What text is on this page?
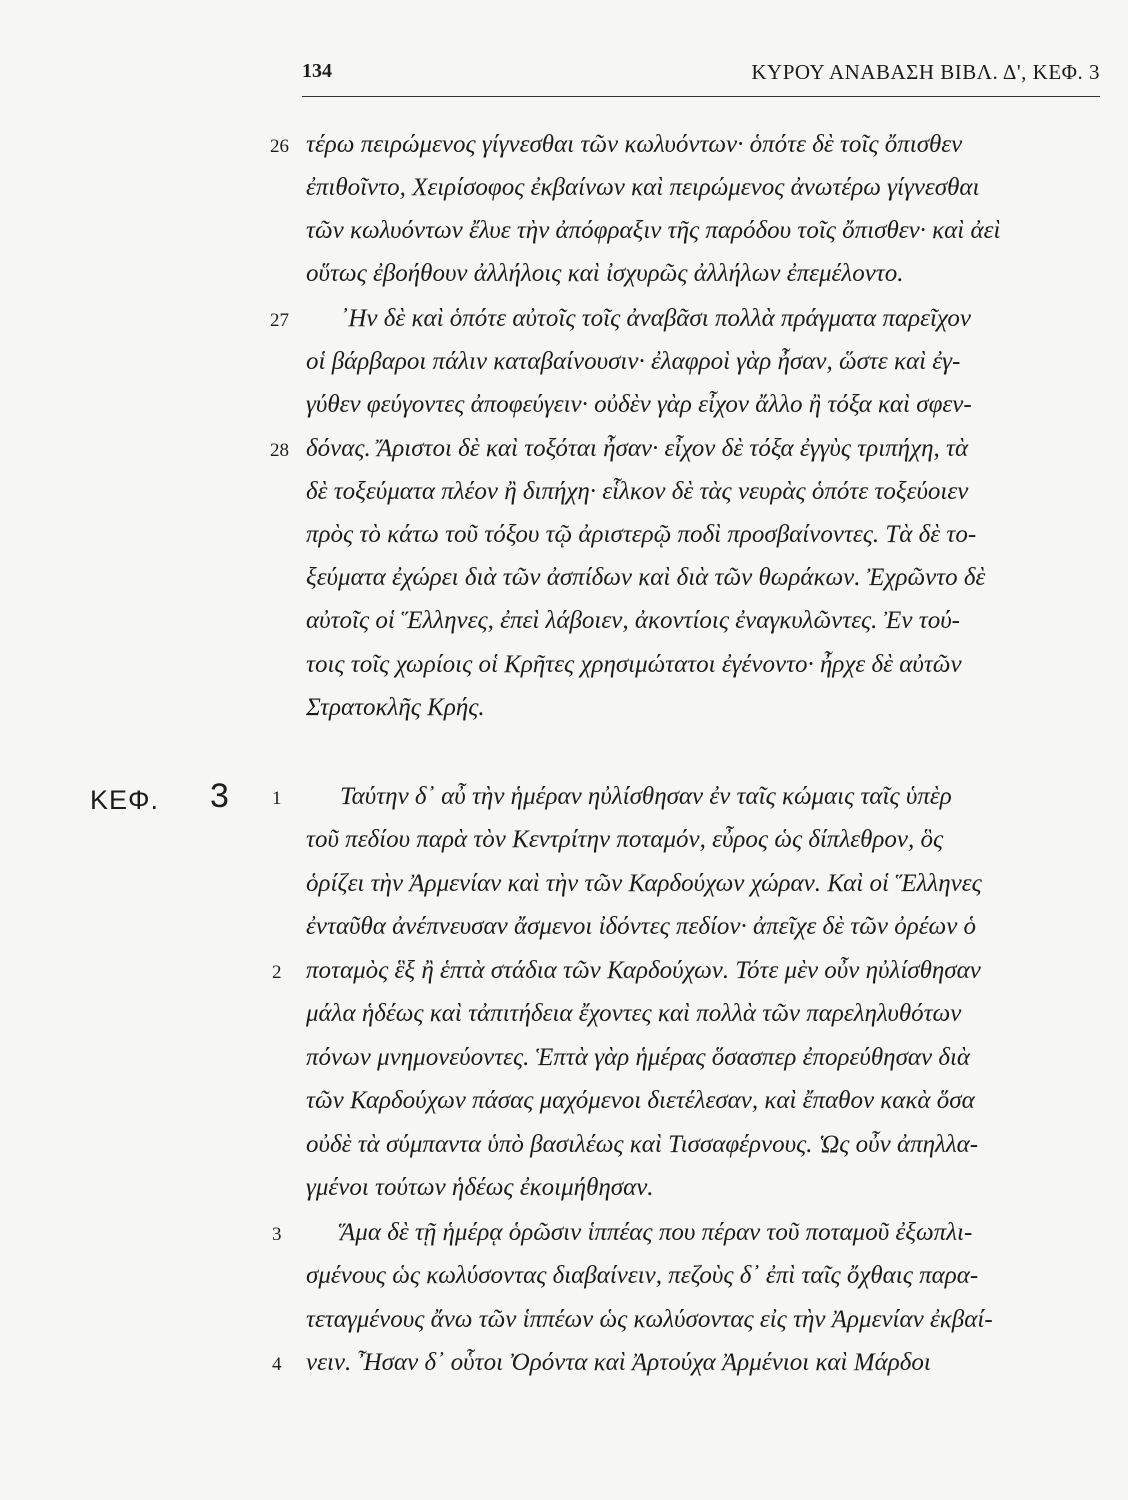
134	ΚΥΡΟΥ ΑΝΑΒΑΣΗ ΒΙΒΛ. Δ', ΚΕΦ. 3
26
27
28
1
2
3
4
ΚΕΦ. 3
τέρω πειρώμενος γίγνεσθαι τῶν κωλυόντων· ὁπότε δὲ τοῖς ὄπισθεν
ἐπιθοῖντο, Χειρίσοφος ἐκβαίνων καὶ πειρώμενος ἀνωτέρω γίγνεσθαι
τῶν κωλυόντων ἔλυε τὴν ἀπόφραξιν τῆς παρόδου τοῖς ὄπισθεν· καὶ ἀεὶ
οὕτως ἐβοήθουν ἀλλήλοις καὶ ἰσχυρῶς ἀλλήλων ἐπεμέλοντο.
᾿Ην δὲ καὶ ὁπότε αὐτοῖς τοῖς ἀναβᾶσι πολλὰ πράγματα παρεῖχον
οἱ βάρβαροι πάλιν καταβαίνουσιν· ἐλαφροὶ γὰρ ἦσαν, ὥστε καὶ ἐγ-
γύθεν φεύγοντες ἀποφεύγειν· οὐδὲν γὰρ εἶχον ἄλλο ἢ τόξα καὶ σφεν-
δόνας. Ἄριστοι δὲ καὶ τοξόται ἦσαν· εἶχον δὲ τόξα ἐγγὺς τριπήχη, τὰ
δὲ τοξεύματα πλέον ἢ διπήχη· εἷλκον δὲ τὰς νευρὰς ὁπότε τοξεύοιεν
πρὸς τὸ κάτω τοῦ τόξου τῷ ἀριστερῷ ποδὶ προσβαίνοντες. Τὰ δὲ το-
ξεύματα ἐχώρει διὰ τῶν ἀσπίδων καὶ διὰ τῶν θωράκων. Ἐχρῶντο δὲ
αὐτοῖς οἱ Ἕλληνες, ἐπεὶ λάβοιεν, ἀκοντίοις ἐναγκυλῶντες. Ἐν τού-
τοις τοῖς χωρίοις οἱ Κρῆτες χρησιμώτατοι ἐγένοντο· ἦρχε δὲ αὐτῶν
Στρατοκλῆς Κρής.
Ταύτην δ᾿ αὖ τὴν ἡμέραν ηὐλίσθησαν ἐν ταῖς κώμαις ταῖς ὑπὲρ
τοῦ πεδίου παρὰ τὸν Κεντρίτην ποταμόν, εὖρος ὡς δίπλεθρον, ὃς
ὁρίζει τὴν Ἀρμενίαν καὶ τὴν τῶν Καρδούχων χώραν. Καὶ οἱ Ἕλληνες
ἐνταῦθα ἀνέπνευσαν ἄσμενοι ἰδόντες πεδίον· ἀπεῖχε δὲ τῶν ὀρέων ὁ
ποταμὸς ἓξ ἢ ἑπτὰ στάδια τῶν Καρδούχων. Τότε μὲν οὖν ηὐλίσθησαν
μάλα ἡδέως καὶ τἀπιτήδεια ἔχοντες καὶ πολλὰ τῶν παρεληλυθότων
πόνων μνημονεύοντες. Ἑπτὰ γὰρ ἡμέρας ὅσασπερ ἐπορεύθησαν διὰ
τῶν Καρδούχων πάσας μαχόμενοι διετέλεσαν, καὶ ἔπαθον κακὰ ὅσα
οὐδὲ τὰ σύμπαντα ὑπὸ βασιλέως καὶ Τισσαφέρνους. Ὡς οὖν ἀπηλλα-
γμένοι τούτων ἡδέως ἐκοιμήθησαν.
Ἅμα δὲ τῇ ἡμέρᾳ ὁρῶσιν ἱππέας που πέραν τοῦ ποταμοῦ ἐξωπλι-
σμένους ὡς κωλύσοντας διαβαίνειν, πεζοὺς δ᾿ ἐπὶ ταῖς ὄχθαις παρα-
τεταγμένους ἄνω τῶν ἱππέων ὡς κωλύσοντας εἰς τὴν Ἀρμενίαν ἐκβαί-
νειν. Ἦσαν δ᾿ οὗτοι Ὀρόντα καὶ Ἀρτούχα Ἀρμένιοι καὶ Μάρδοι
